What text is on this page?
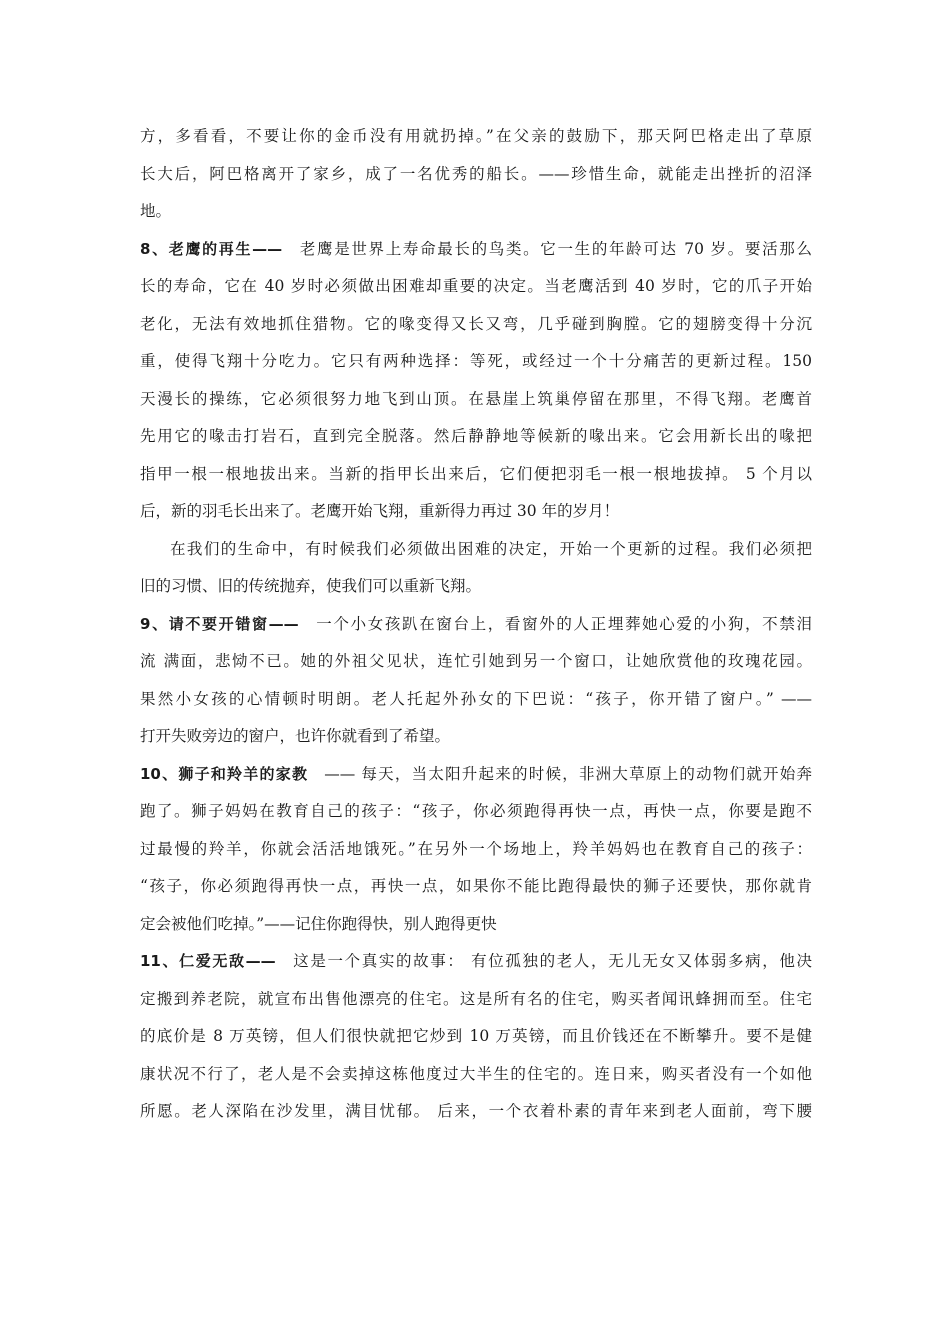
方，多看看，不要让你的金币没有用就扔掉。”在父亲的鼓励下，那天阿巴格走出了草原
长大后，阿巴格离开了家乡，成了一名优秀的船长。——珍惜生命，就能走出挫折的沼泽
地。
8、老鹰的再生—— 老鹰是世界上寿命最长的鸟类。它一生的年龄可达 70 岁。要活那么
长的寿命，它在 40 岁时必须做出困难却重要的决定。当老鹰活到 40 岁时，它的爪子开始
老化，无法有效地抓住猎物。它的喙变得又长又弯，几乎碰到胸膛。它的翅膀变得十分沉
重，使得飞翔十分吃力。它只有两种选择：等死，或经过一个十分痛苦的更新过程。150
天漫长的操练，它必须很努力地飞到山顶。在悬崖上筑巢停留在那里，不得飞翔。老鹰首
先用它的喙击打岩石，直到完全脱落。然后静静地等候新的喙出来。它会用新长出的喙把
指甲一根一根地拔出来。当新的指甲长出来后，它们便把羽毛一根一根地拔掉。 5 个月以
后，新的羽毛长出来了。老鹰开始飞翔，重新得力再过 30 年的岁月！
在我们的生命中，有时候我们必须做出困难的决定，开始一个更新的过程。我们必须把
旧的习惯、旧的传统抛弃，使我们可以重新飞翔。
9、请不要开错窗—— 一个小女孩趴在窗台上，看窗外的人正埋葬她心爱的小狗，不禁泪
流 满面，悲恸不已。她的外祖父见状，连忙引她到另一个窗口，让她欣赏他的玫瑰花园。
果然小女孩的心情顿时明朗。老人托起外孙女的下巴说：“孩子，你开错了窗户。” ——
打开失败旁边的窗户，也许你就看到了希望。
10、狮子和羚羊的家教 —— 每天，当太阳升起来的时候，非洲大草原上的动物们就开始奔
跑了。狮子妈妈在教育自己的孩子：“孩子，你必须跑得再快一点，再快一点，你要是跑不
过最慢的羚羊，你就会活活地饿死。”在另外一个场地上，羚羊妈妈也在教育自己的孩子：
“孩子，你必须跑得再快一点，再快一点，如果你不能比跑得最快的狮子还要快，那你就肯
定会被他们吃掉。”——记住你跑得快，别人跑得更快
11、仁爱无敌—— 这是一个真实的故事： 有位孤独的老人，无儿无女又体弱多病，他决
定搬到养老院，就宣布出售他漂亮的住宅。这是所有名的住宅，购买者闻讯蜂拥而至。住宅
的底价是 8 万英镑，但人们很快就把它炒到 10 万英镑，而且价钱还在不断攀升。要不是健
康状况不行了，老人是不会卖掉这栋他度过大半生的住宅的。连日来，购买者没有一个如他
所愿。老人深陷在沙发里，满目忧郁。 后来，一个衣着朴素的青年来到老人面前，弯下腰
